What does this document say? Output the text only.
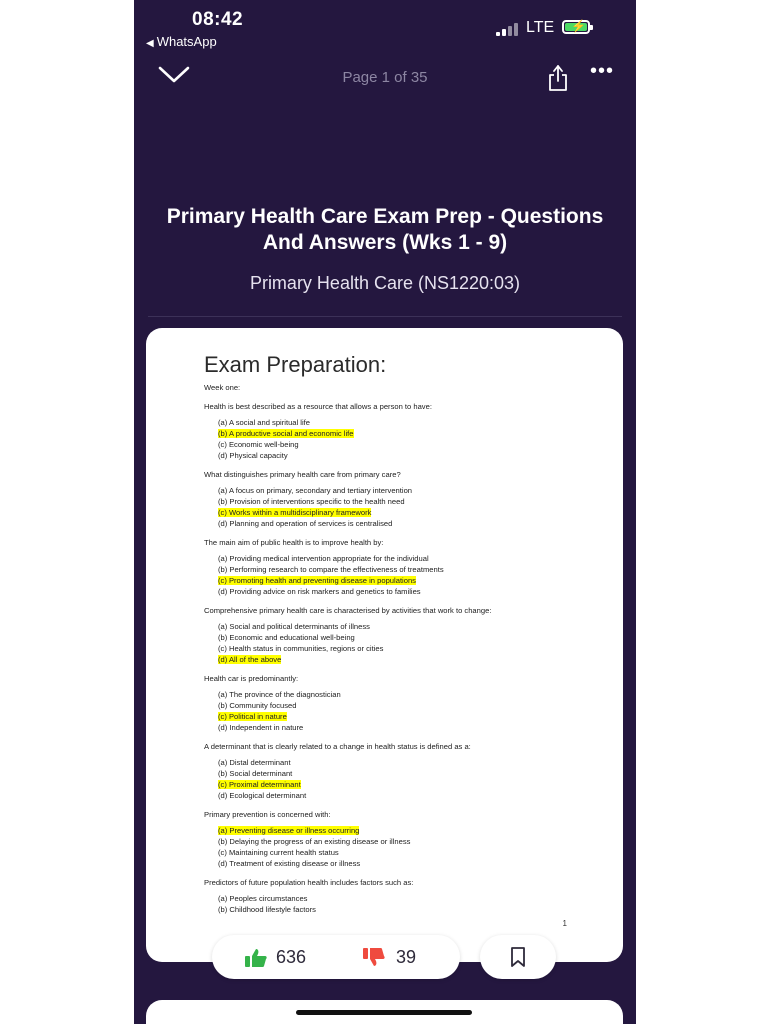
08:42
◀ WhatsApp
LTE ⚡
Page 1 of 35	•••
Primary Health Care Exam Prep - Questions
And Answers (Wks 1 - 9)
Primary Health Care (NS1220:03)
Exam Preparation:
Week one:
Health is best described as a resource that allows a person to have:
(a) A social and spiritual life
(b) A productive social and economic life
(c) Economic well-being
(d) Physical capacity
What distinguishes primary health care from primary care?
(a) A focus on primary, secondary and tertiary intervention
(b) Provision of interventions specific to the health need
(c) Works within a multidisciplinary framework
(d) Planning and operation of services is centralised
The main aim of public health is to improve health by:
(a) Providing medical intervention appropriate for the individual
(b) Performing research to compare the effectiveness of treatments
(c) Promoting health and preventing disease in populations
(d) Providing advice on risk markers and genetics to families
Comprehensive primary health care is characterised by activities that work to change:
(a) Social and political determinants of illness
(b) Economic and educational well-being
(c) Health status in communities, regions or cities
(d) All of the above
Health car is predominantly:
(a) The province of the diagnostician
(b) Community focused
(c) Political in nature
(d) Independent in nature
A determinant that is clearly related to a change in health status is defined as a:
(a) Distal determinant
(b) Social determinant
(c) Proximal determinant
(d) Ecological determinant
Primary prevention is concerned with:
(a) Preventing disease or illness occurring
(b) Delaying the progress of an existing disease or illness
(c) Maintaining current health status
(d) Treatment of existing disease or illness
Predictors of future population health includes factors such as:
(a) Peoples circumstances
(b) Childhood lifestyle factors
1
636	39
